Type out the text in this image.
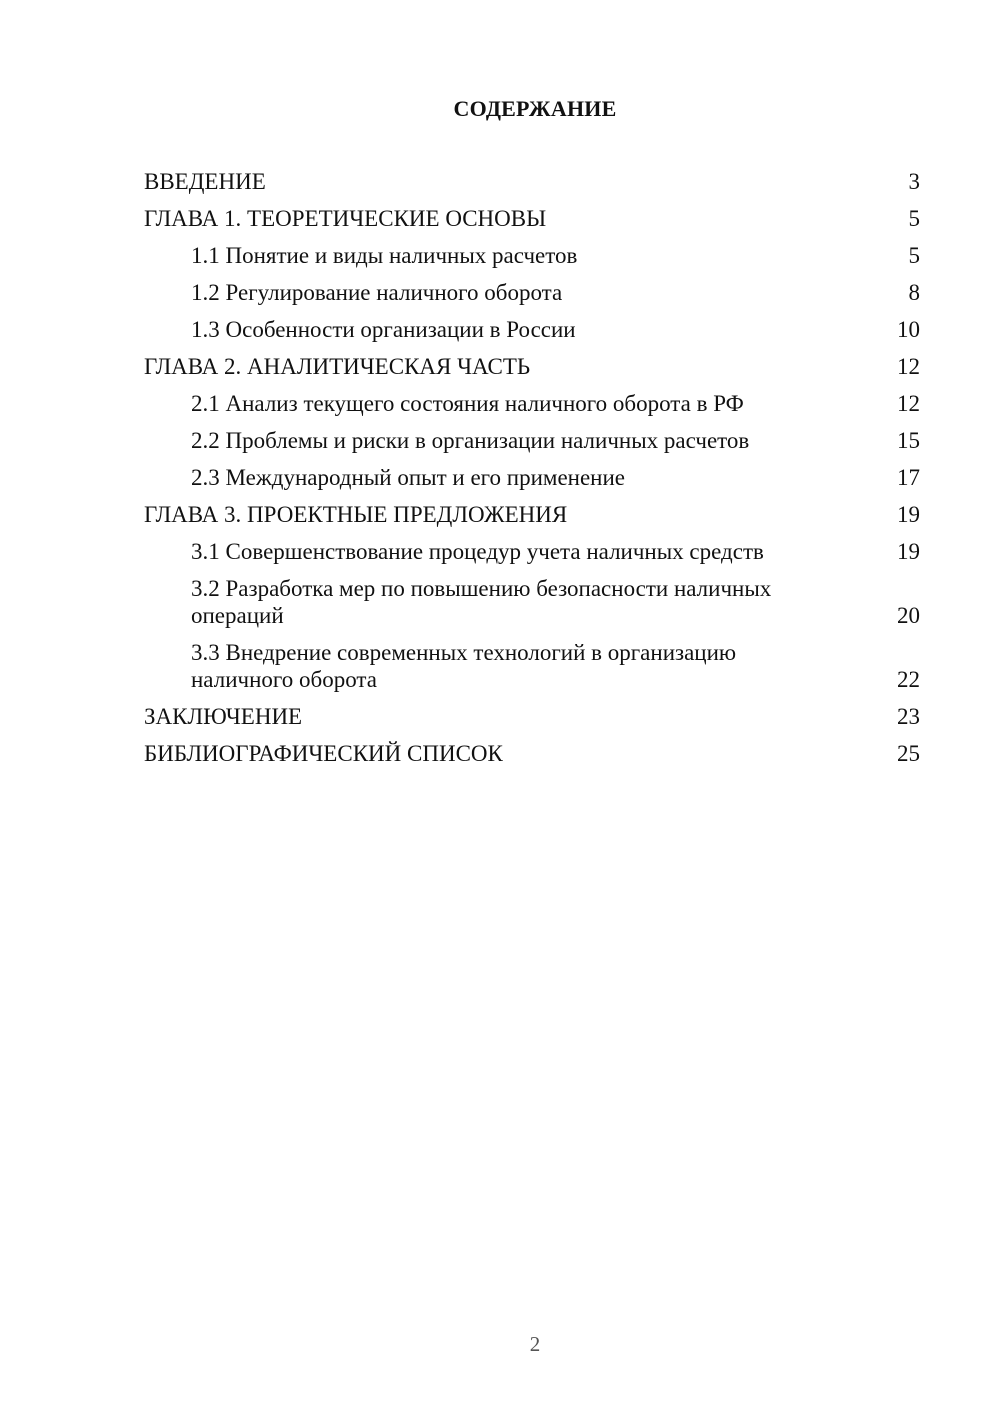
СОДЕРЖАНИЕ
ВВЕДЕНИЕ	3
ГЛАВА 1. ТЕОРЕТИЧЕСКИЕ ОСНОВЫ	5
1.1 Понятие и виды наличных расчетов	5
1.2 Регулирование наличного оборота	8
1.3 Особенности организации в России	10
ГЛАВА 2. АНАЛИТИЧЕСКАЯ ЧАСТЬ	12
2.1 Анализ текущего состояния наличного оборота в РФ	12
2.2 Проблемы и риски в организации наличных расчетов	15
2.3 Международный опыт и его применение	17
ГЛАВА 3. ПРОЕКТНЫЕ ПРЕДЛОЖЕНИЯ	19
3.1 Совершенствование процедур учета наличных средств	19
3.2 Разработка мер по повышению безопасности наличных операций	20
3.3 Внедрение современных технологий в организацию наличного оборота	22
ЗАКЛЮЧЕНИЕ	23
БИБЛИОГРАФИЧЕСКИЙ СПИСОК	25
2
